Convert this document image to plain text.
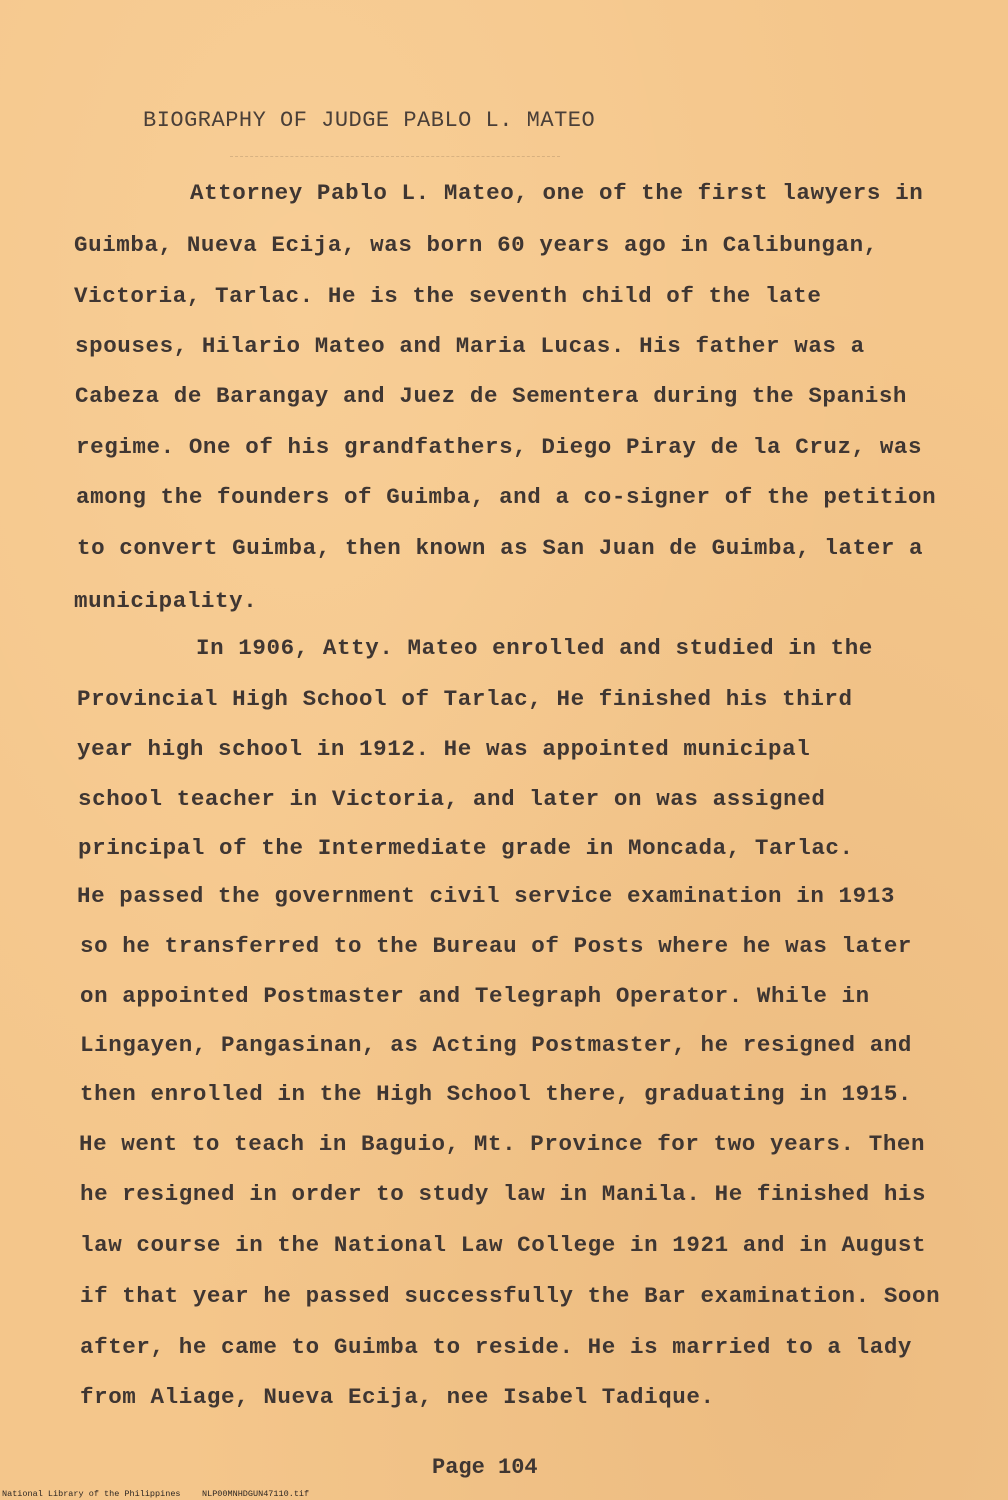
BIOGRAPHY OF JUDGE PABLO L. MATEO
Attorney Pablo L. Mateo, one of the first lawyers in
Guimba, Nueva Ecija, was born 60 years ago in Calibungan,
Victoria, Tarlac. He is the seventh child of the late
spouses, Hilario Mateo and Maria Lucas. His father was a
Cabeza de Barangay and Juez de Sementera during the Spanish
regime. One of his grandfathers, Diego Piray de la Cruz, was
among the founders of Guimba, and a co-signer of the petition
to convert Guimba, then known as San Juan de Guimba, later a
municipality.
In 1906, Atty. Mateo enrolled and studied in the
Provincial High School of Tarlac, He finished his third
year high school in 1912. He was appointed municipal
school teacher in Victoria, and later on was assigned
principal of the Intermediate grade in Moncada, Tarlac.
He passed the government civil service examination in 1913
so he transferred to the Bureau of Posts where he was later
on appointed Postmaster and Telegraph Operator. While in
Lingayen, Pangasinan, as Acting Postmaster, he resigned and
then enrolled in the High School there, graduating in 1915.
He went to teach in Baguio, Mt. Province for two years. Then
he resigned in order to study law in Manila. He finished his
law course in the National Law College in 1921 and in August
if that year he passed successfully the Bar examination. Soon
after, he came to Guimba to reside. He is married to a lady
from Aliage, Nueva Ecija, nee Isabel Tadique.
Page 104
National Library of the Philippines	NLP00MNHDGUN47110.tif
